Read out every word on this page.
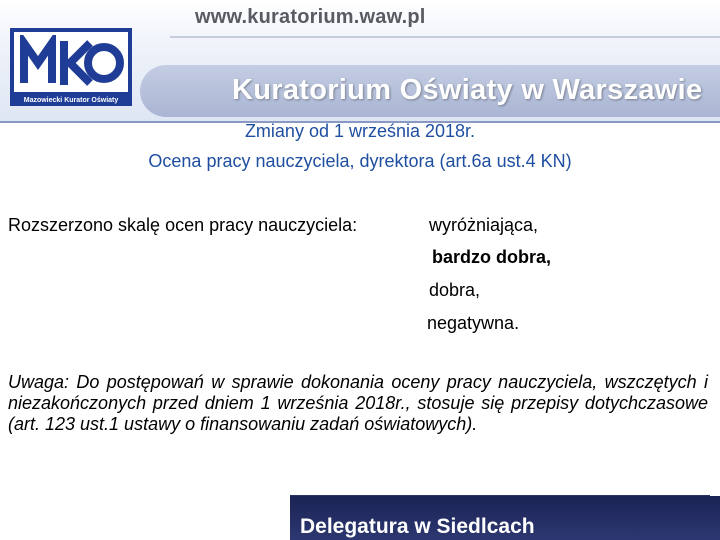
www.kuratorium.waw.pl
Kuratorium Oświaty w Warszawie
Mazowiecki Kurator Oświaty
Zmiany od 1 września 2018r.
Ocena pracy nauczyciela, dyrektora (art.6a ust.4 KN)
Rozszerzono skalę ocen pracy nauczyciela:	wyróżniająca,
bardzo dobra,
dobra,
negatywna.
Uwaga: Do postępowań w sprawie dokonania oceny pracy nauczyciela, wszczętych i niezakończonych przed dniem 1 września 2018r., stosuje się przepisy dotychczasowe (art. 123 ust.1 ustawy o finansowaniu zadań oświatowych).
Delegatura w Siedlcach
